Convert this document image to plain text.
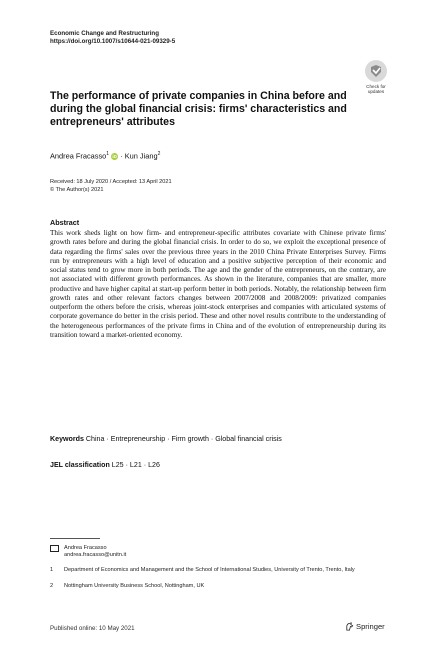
Economic Change and Restructuring
https://doi.org/10.1007/s10644-021-09329-5
Check for
updates
The performance of private companies in China before and during the global financial crisis: firms' characteristics and entrepreneurs' attributes
Andrea Fracasso$^1$ iD · Kun Jiang$^2$
Received: 18 July 2020 / Accepted: 13 April 2021
© The Author(s) 2021
Abstract
This work sheds light on how firm- and entrepreneur-specific attributes covariate with Chinese private firms' growth rates before and during the global financial crisis. In order to do so, we exploit the exceptional presence of data regarding the firms' sales over the previous three years in the 2010 China Private Enterprises Survey. Firms run by entrepreneurs with a high level of education and a positive subjective perception of their economic and social status tend to grow more in both periods. The age and the gender of the entrepreneurs, on the contrary, are not associated with different growth performances. As shown in the literature, companies that are smaller, more productive and have higher capital at start-up perform better in both periods. Notably, the relationship between firm growth rates and other relevant factors changes between 2007/2008 and 2008/2009: privatized companies outperform the others before the crisis, whereas joint-stock enterprises and companies with articulated systems of corporate governance do better in the crisis period. These and other novel results contribute to the understanding of the heterogeneous performances of the private firms in China and of the evolution of entrepreneurship during its transition toward a market-oriented economy.
Keywords China · Entrepreneurship · Firm growth · Global financial crisis
JEL classification L25 · L21 · L26
Andrea Fracasso
andrea.fracasso@unitn.it
1	Department of Economics and Management and the School of International Studies, University of Trento, Trento, Italy
2	Nottingham University Business School, Nottingham, UK
Published online: 10 May 2021	Springer
